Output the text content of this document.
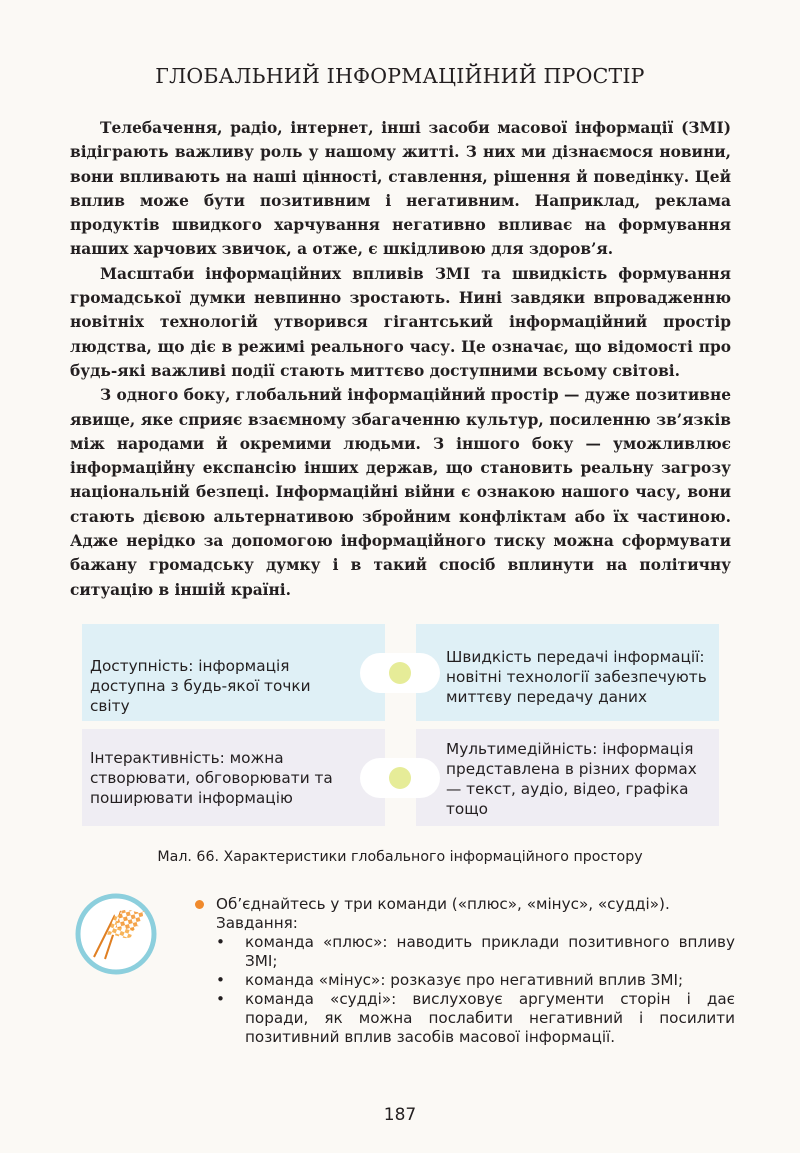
ГЛОБАЛЬНИЙ ІНФОРМАЦІЙНИЙ ПРОСТІР

Телебачення, радіо, інтернет, інші засоби масової інформації (ЗМІ) відіграють важливу роль у нашому житті. З них ми дізнаємося новини, вони впливають на наші цінності, ставлення, рішення й поведінку. Цей вплив може бути позитивним і негативним. Наприклад, реклама продуктів швидкого харчування негативно впливає на формування наших харчових звичок, а отже, є шкідливою для здоров’я.

Масштаби інформаційних впливів ЗМІ та швидкість формування громадської думки невпинно зростають. Нині завдяки впровадженню новітніх технологій утворився гігантський інформаційний простір людства, що діє в режимі реального часу. Це означає, що відомості про будь-які важливі події стають миттєво доступними всьому світові.

З одного боку, глобальний інформаційний простір — дуже позитивне явище, яке сприяє взаємному збагаченню культур, посиленню зв’язків між народами й окремими людьми. З іншого боку — уможливлює інформаційну експансію інших держав, що становить реальну загрозу національній безпеці. Інформаційні війни є ознакою нашого часу, вони стають дієвою альтернативою збройним конфліктам або їх частиною. Адже нерідко за допомогою інформаційного тиску можна сформувати бажану громадську думку і в такий спосіб вплинути на політичну ситуацію в іншій країні.

Доступність: інформація доступна з будь-якої точки світу
Швидкість передачі інформації: новітні технології забезпечують миттєву передачу даних
Інтерактивність: можна створювати, обговорювати та поширювати інформацію
Мультимедійність: інформація представлена в різних формах — текст, аудіо, відео, графіка тощо
Мал. 66. Характеристики глобального інформаційного простору
Об’єднайтесь у три команди («плюс», «мінус», «судді»).
Завдання:
• команда «плюс»: наводить приклади позитивного впливу ЗМІ;
• команда «мінус»: розказує про негативний вплив ЗМІ;
• команда «судді»: вислуховує аргументи сторін і дає поради, як можна послабити негативний і посилити позитивний вплив засобів масової інформації.
187
